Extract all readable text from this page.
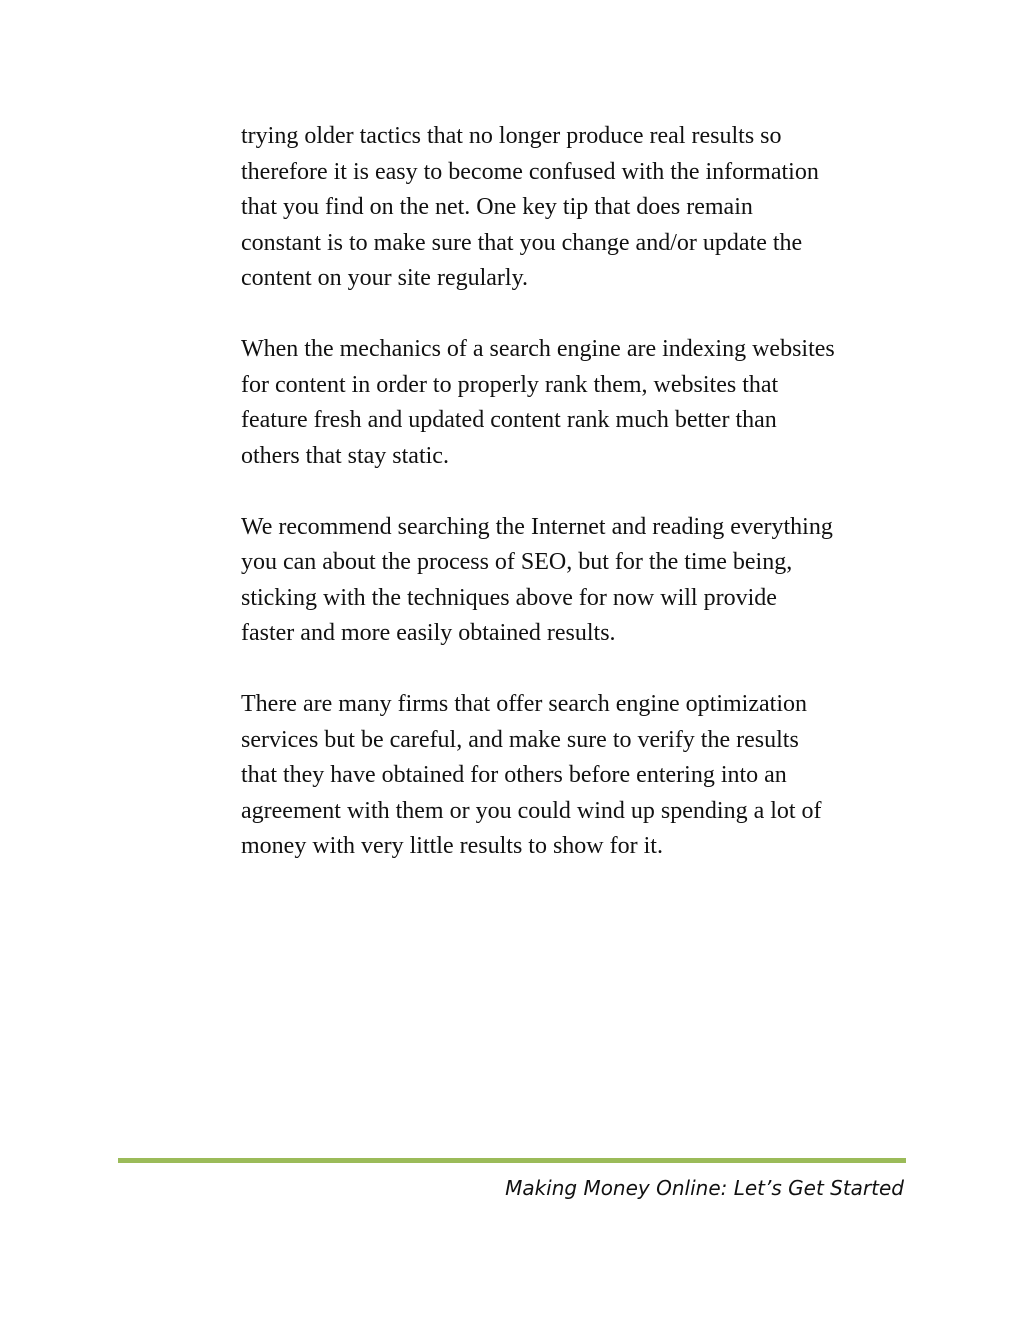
trying older tactics that no longer produce real results so
therefore it is easy to become confused with the information
that you find on the net. One key tip that does remain
constant is to make sure that you change and/or update the
content on your site regularly.

When the mechanics of a search engine are indexing websites
for content in order to properly rank them, websites that
feature fresh and updated content rank much better than
others that stay static.

We recommend searching the Internet and reading everything
you can about the process of SEO, but for the time being,
sticking with the techniques above for now will provide
faster and more easily obtained results.

There are many firms that offer search engine optimization
services but be careful, and make sure to verify the results
that they have obtained for others before entering into an
agreement with them or you could wind up spending a lot of
money with very little results to show for it.

Making Money Online: Let’s Get Started
